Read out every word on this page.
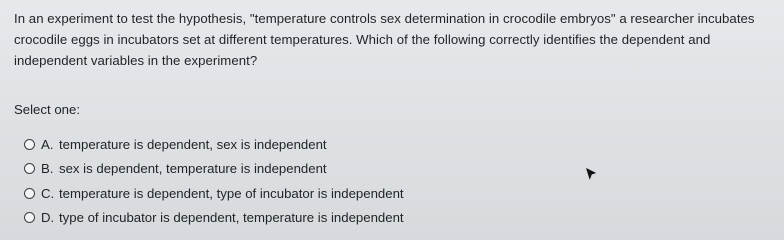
In an experiment to test the hypothesis, "temperature controls sex determination in crocodile embryos" a researcher incubates crocodile eggs in incubators set at different temperatures. Which of the following correctly identifies the dependent and independent variables in the experiment?
Select one:
A. temperature is dependent, sex is independent
B. sex is dependent, temperature is independent
C. temperature is dependent, type of incubator is independent
D. type of incubator is dependent, temperature is independent
